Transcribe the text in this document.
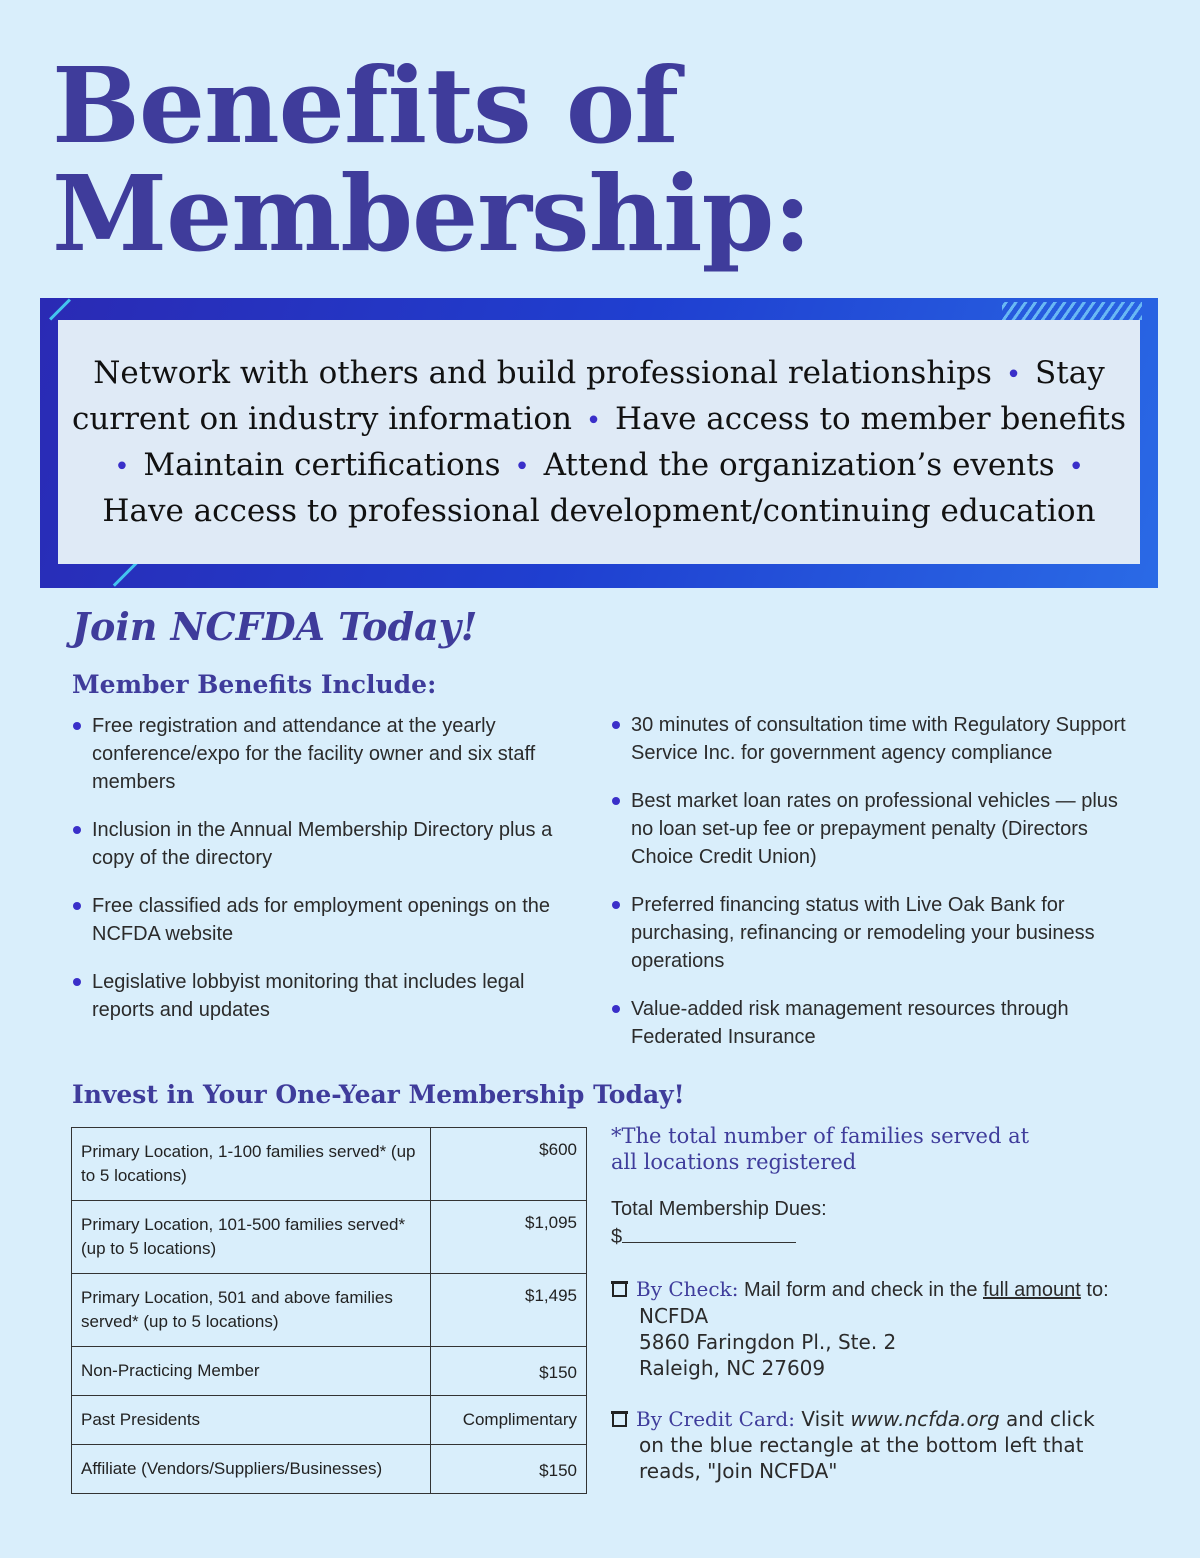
Benefits of
Membership:

Network with others and build professional relationships • Stay current on industry information • Have access to member benefits • Maintain certifications • Attend the organization’s events • Have access to professional development/continuing education

Join NCFDA Today!
Member Benefits Include:
Free registration and attendance at the yearly conference/expo for the facility owner and six staff members
Inclusion in the Annual Membership Directory plus a copy of the directory
Free classified ads for employment openings on the NCFDA website
Legislative lobbyist monitoring that includes legal reports and updates
30 minutes of consultation time with Regulatory Support Service Inc. for government agency compliance
Best market loan rates on professional vehicles — plus no loan set-up fee or prepayment penalty (Directors Choice Credit Union)
Preferred financing status with Live Oak Bank for purchasing, refinancing or remodeling your business operations
Value-added risk management resources through Federated Insurance
Invest in Your One-Year Membership Today!
Primary Location, 1-100 families served* (up to 5 locations)	$600
Primary Location, 101-500 families served* (up to 5 locations)	$1,095
Primary Location, 501 and above families served* (up to 5 locations)	$1,495
Non-Practicing Member	$150
Past Presidents	Complimentary
Affiliate (Vendors/Suppliers/Businesses)	$150

*The total number of families served at all locations registered

Total Membership Dues:
$
By Check: Mail form and check in the full amount to:
NCFDA
5860 Faringdon Pl., Ste. 2
Raleigh, NC 27609
By Credit Card: Visit www.ncfda.org and click
on the blue rectangle at the bottom left that
reads, "Join NCFDA"
